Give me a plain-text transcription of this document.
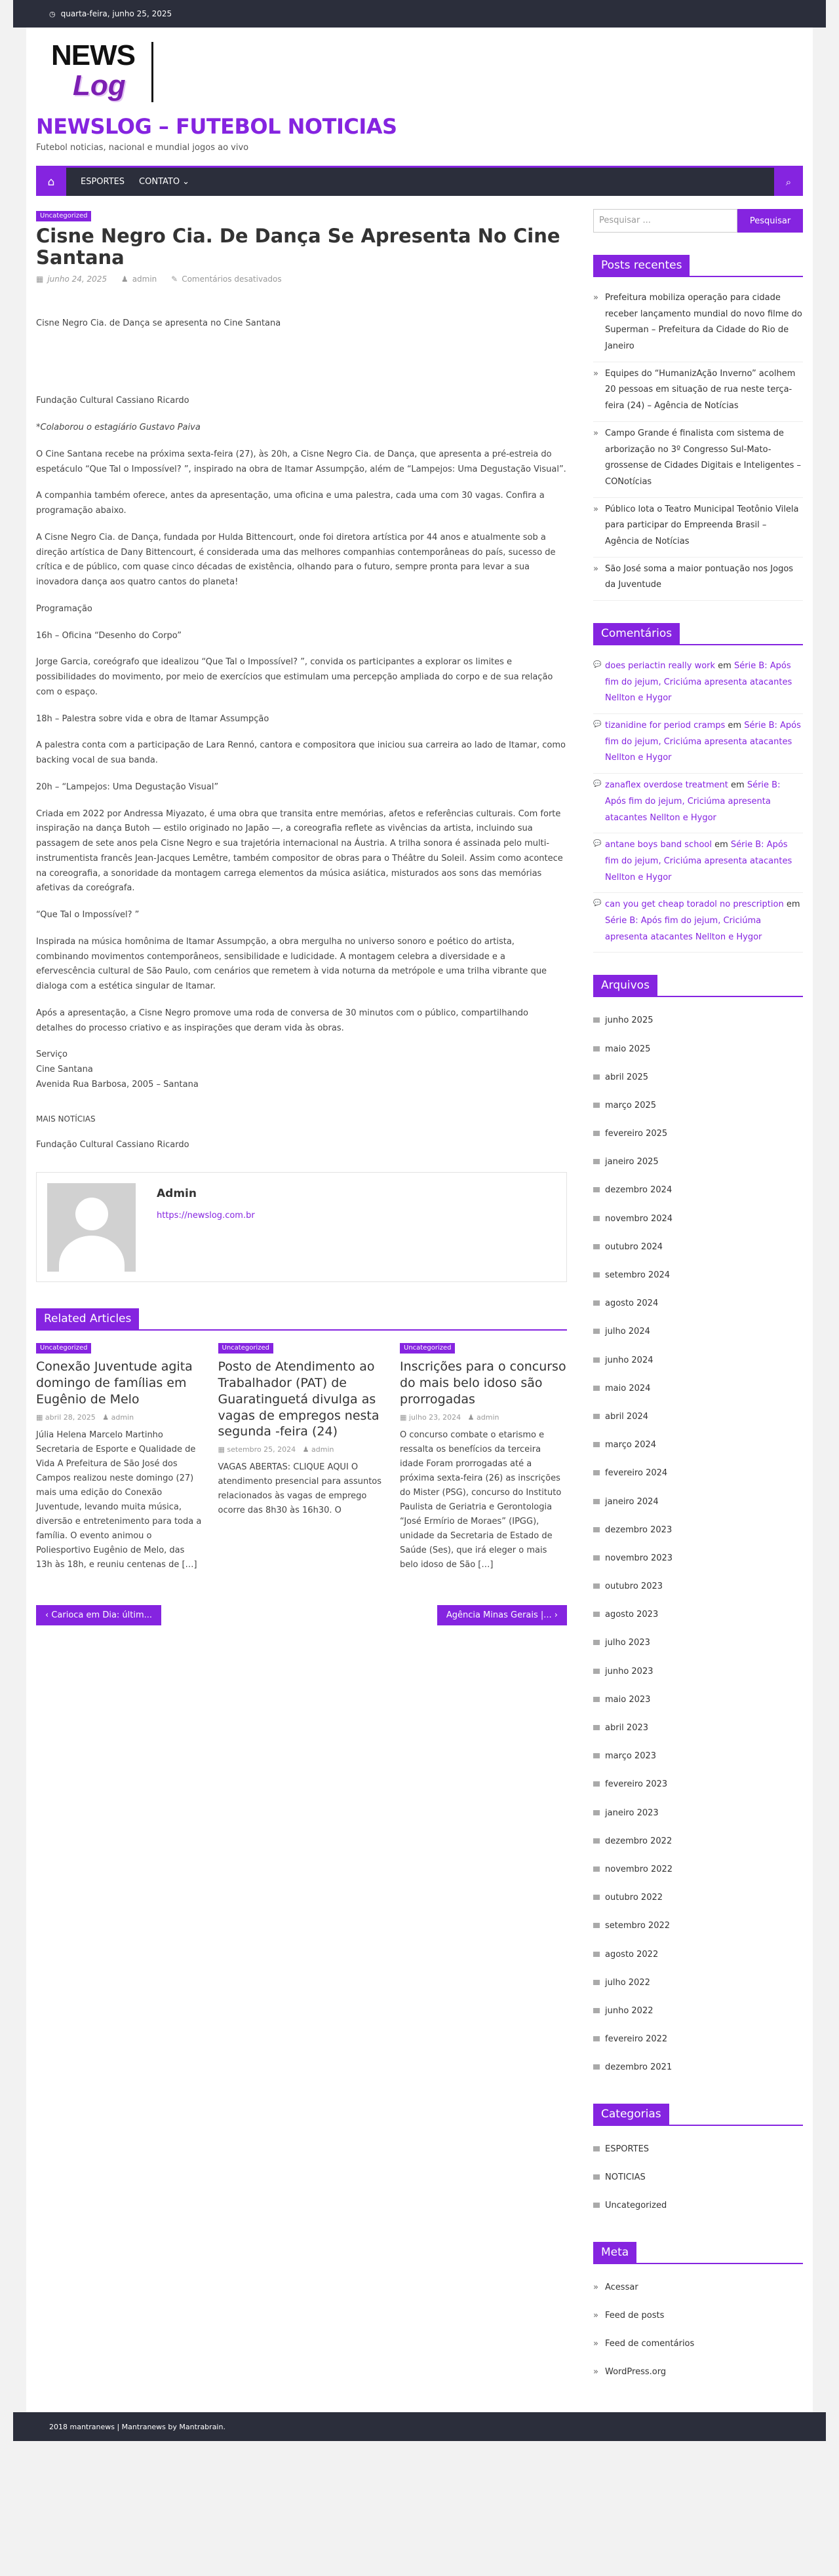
◷ quarta-feira, junho 25, 2025
NEWS
Log
NEWSLOG – FUTEBOL NOTICIAS
Futebol noticias, nacional e mundial jogos ao vivo
⌂	ESPORTES CONTATO ⌄	⌕
Uncategorized
Cisne Negro Cia. De Dança Se Apresenta No Cine Santana
▦ junho 24, 2025 ♟ admin ✎ Comentários desativados

Cisne Negro Cia. de Dança se apresenta no Cine Santana

Fundação Cultural Cassiano Ricardo

*Colaborou o estagiário Gustavo Paiva

O Cine Santana recebe na próxima sexta-feira (27), às 20h, a Cisne Negro Cia. de Dança, que apresenta a pré-estreia do espetáculo “Que Tal o Impossível? ”, inspirado na obra de Itamar Assumpção, além de “Lampejos: Uma Degustação Visual”.

A companhia também oferece, antes da apresentação, uma oficina e uma palestra, cada uma com 30 vagas. Confira a programação abaixo.

A Cisne Negro Cia. de Dança, fundada por Hulda Bittencourt, onde foi diretora artística por 44 anos e atualmente sob a direção artística de Dany Bittencourt, é considerada uma das melhores companhias contemporâneas do país, sucesso de crítica e de público, com quase cinco décadas de existência, olhando para o futuro, sempre pronta para levar a sua inovadora dança aos quatro cantos do planeta!

Programação

16h – Oficina “Desenho do Corpo”

Jorge Garcia, coreógrafo que idealizou “Que Tal o Impossível? ”, convida os participantes a explorar os limites e possibilidades do movimento, por meio de exercícios que estimulam uma percepção ampliada do corpo e de sua relação com o espaço.

18h – Palestra sobre vida e obra de Itamar Assumpção

A palestra conta com a participação de Lara Rennó, cantora e compositora que iniciou sua carreira ao lado de Itamar, como backing vocal de sua banda.

20h – “Lampejos: Uma Degustação Visual”

Criada em 2022 por Andressa Miyazato, é uma obra que transita entre memórias, afetos e referências culturais. Com forte inspiração na dança Butoh — estilo originado no Japão —, a coreografia reflete as vivências da artista, incluindo sua passagem de sete anos pela Cisne Negro e sua trajetória internacional na Áustria. A trilha sonora é assinada pelo multi-instrumentista francês Jean-Jacques Lemêtre, também compositor de obras para o Théâtre du Soleil. Assim como acontece na coreografia, a sonoridade da montagem carrega elementos da música asiática, misturados aos sons das memórias afetivas da coreógrafa.

“Que Tal o Impossível? ”

Inspirada na música homônima de Itamar Assumpção, a obra mergulha no universo sonoro e poético do artista, combinando movimentos contemporâneos, sensibilidade e ludicidade. A montagem celebra a diversidade e a efervescência cultural de São Paulo, com cenários que remetem à vida noturna da metrópole e uma trilha vibrante que dialoga com a estética singular de Itamar.

Após a apresentação, a Cisne Negro promove uma roda de conversa de 30 minutos com o público, compartilhando detalhes do processo criativo e as inspirações que deram vida às obras.

Serviço
Cine Santana
Avenida Rua Barbosa, 2005 – Santana

MAIS NOTÍCIAS

Fundação Cultural Cassiano Ricardo

Admin
https://newslog.com.br
Related Articles
Uncategorized
Conexão Juventude agita domingo de famílias em Eugênio de Melo
▦ abril 28, 2025   ♟ admin
Júlia Helena Marcelo Martinho Secretaria de Esporte e Qualidade de Vida A Prefeitura de São José dos Campos realizou neste domingo (27) mais uma edição do Conexão Juventude, levando muita música, diversão e entretenimento para toda a família. O evento animou o Poliesportivo Eugênio de Melo, das 13h às 18h, e reuniu centenas de […]
Uncategorized
Posto de Atendimento ao Trabalhador (PAT) de Guaratinguetá divulga as vagas de empregos nesta segunda -feira (24)
▦ setembro 25, 2024   ♟ admin
VAGAS ABERTAS: CLIQUE AQUI O atendimento presencial para assuntos relacionados às vagas de emprego ocorre das 8h30 às 16h30. O
Uncategorized
Inscrições para o concurso do mais belo idoso são prorrogadas
▦ julho 23, 2024   ♟ admin
O concurso combate o etarismo e ressalta os benefícios da terceira idade Foram prorrogadas até a próxima sexta-feira (26) as inscrições do Mister (PSG), concurso do Instituto Paulista de Geriatria e Gerontologia “José Ermírio de Moraes” (IPGG), unidade da Secretaria de Estado de Saúde (Ses), que irá eleger o mais belo idoso de São […]
‹ Carioca em Dia: últim...	Agência Minas Gerais |... ›
Pesquisar ...	Pesquisar
Posts recentes
» Prefeitura mobiliza operação para cidade receber lançamento mundial do novo filme do Superman – Prefeitura da Cidade do Rio de Janeiro
» Equipes do “HumanizAção Inverno” acolhem 20 pessoas em situação de rua neste terça-feira (24) – Agência de Notícias
» Campo Grande é finalista com sistema de arborização no 3º Congresso Sul-Mato-grossense de Cidades Digitais e Inteligentes – CONotícias
» Público lota o Teatro Municipal Teotônio Vilela para participar do Empreenda Brasil – Agência de Notícias
» São José soma a maior pontuação nos Jogos da Juventude
Comentários
💬 does periactin really work em Série B: Após fim do jejum, Criciúma apresenta atacantes Nellton e Hygor
💬 tizanidine for period cramps em Série B: Após fim do jejum, Criciúma apresenta atacantes Nellton e Hygor
💬 zanaflex overdose treatment em Série B: Após fim do jejum, Criciúma apresenta atacantes Nellton e Hygor
💬 antane boys band school em Série B: Após fim do jejum, Criciúma apresenta atacantes Nellton e Hygor
💬 can you get cheap toradol no prescription em Série B: Após fim do jejum, Criciúma apresenta atacantes Nellton e Hygor
Arquivos
junho 2025
maio 2025
abril 2025
março 2025
fevereiro 2025
janeiro 2025
dezembro 2024
novembro 2024
outubro 2024
setembro 2024
agosto 2024
julho 2024
junho 2024
maio 2024
abril 2024
março 2024
fevereiro 2024
janeiro 2024
dezembro 2023
novembro 2023
outubro 2023
agosto 2023
julho 2023
junho 2023
maio 2023
abril 2023
março 2023
fevereiro 2023
janeiro 2023
dezembro 2022
novembro 2022
outubro 2022
setembro 2022
agosto 2022
julho 2022
junho 2022
fevereiro 2022
dezembro 2021
Categorias
ESPORTES
NOTICIAS
Uncategorized
Meta
» Acessar
» Feed de posts
» Feed de comentários
» WordPress.org
2018 mantranews | Mantranews by
Mantrabrain.
